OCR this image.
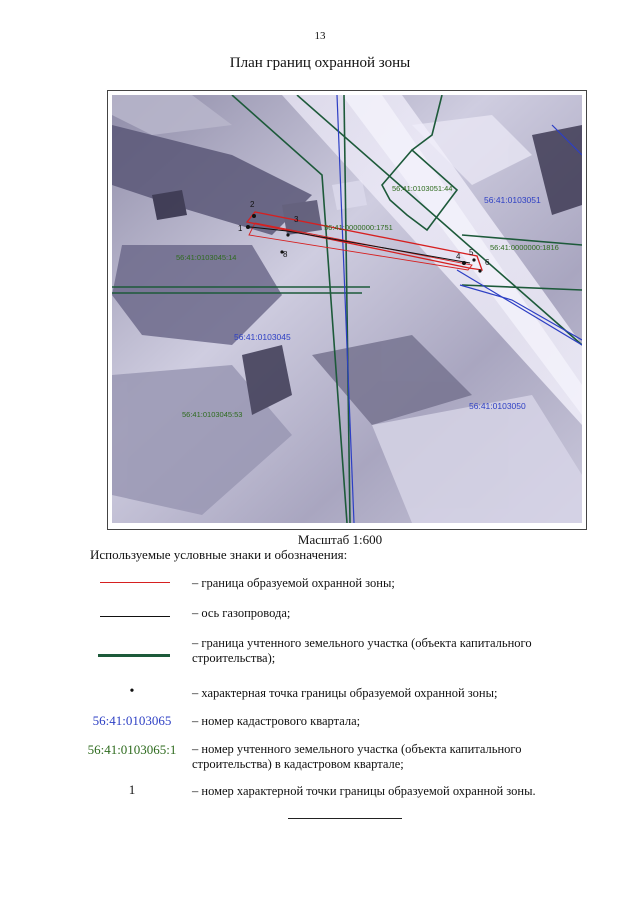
13
План границ охранной зоны
1
2
3
4 5
6
8
56:41:0103051
56:41:0103045
56:41:0103050
56:41:0103051:44
56:41:0000000:1751
56:41:0000000:1816
56:41:0103045:14
56:41:0103045:53
Масштаб 1:600
Используемые условные знаки и обозначения:
– граница образуемой охранной зоны;
– ось газопровода;
– граница учтенного земельного участка (объекта капитального строительства);
•	– характерная точка границы образуемой охранной зоны;
56:41:0103065	– номер кадастрового квартала;
56:41:0103065:1	– номер учтенного земельного участка (объекта капитального строительства) в кадастровом квартале;
1	– номер характерной точки границы образуемой охранной зоны.
